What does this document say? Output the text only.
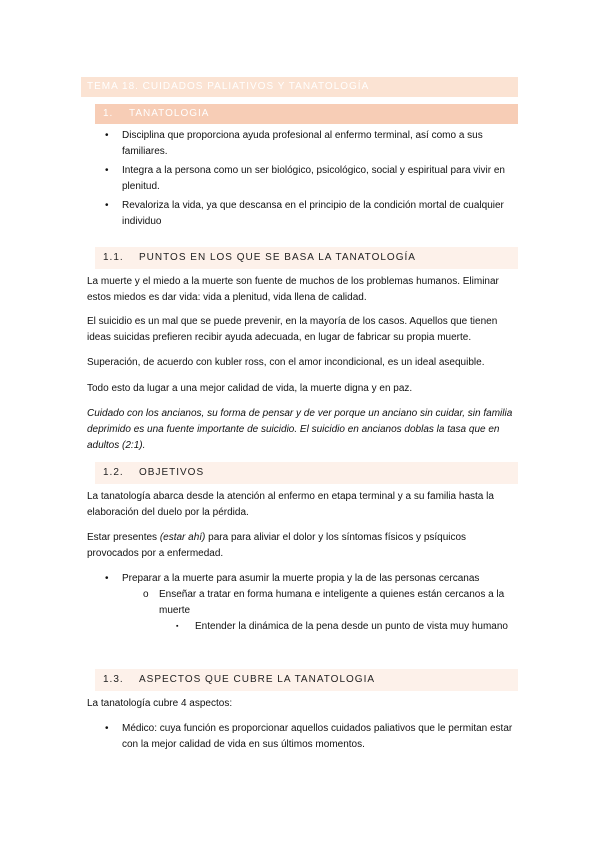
TEMA 18. CUIDADOS PALIATIVOS Y TANATOLOGÍA
1. TANATOLOGIA
• Disciplina que proporciona ayuda profesional al enfermo terminal, así como a sus familiares.
• Integra a la persona como un ser biológico, psicológico, social y espiritual para vivir en plenitud.
• Revaloriza la vida, ya que descansa en el principio de la condición mortal de cualquier individuo
1.1. PUNTOS EN LOS QUE SE BASA LA TANATOLOGÍA

La muerte y el miedo a la muerte son fuente de muchos de los problemas humanos. Eliminar estos miedos es dar vida: vida a plenitud, vida llena de calidad.

El suicidio es un mal que se puede prevenir, en la mayoría de los casos. Aquellos que tienen ideas suicidas prefieren recibir ayuda adecuada, en lugar de fabricar su propia muerte.

Superación, de acuerdo con kubler ross, con el amor incondicional, es un ideal asequible.

Todo esto da lugar a una mejor calidad de vida, la muerte digna y en paz.

Cuidado con los ancianos, su forma de pensar y de ver porque un anciano sin cuidar, sin familia deprimido es una fuente importante de suicidio. El suicidio en ancianos doblas la tasa que en adultos (2:1).

1.2. OBJETIVOS

La tanatología abarca desde la atención al enfermo en etapa terminal y a su familia hasta la elaboración del duelo por la pérdida.

Estar presentes (estar ahí) para para aliviar el dolor y los síntomas físicos y psíquicos provocados por a enfermedad.

• Preparar a la muerte para asumir la muerte propia y la de las personas cercanas
o Enseñar a tratar en forma humana e inteligente a quienes están cercanos a la muerte
▪ Entender la dinámica de la pena desde un punto de vista muy humano
1.3. ASPECTOS QUE CUBRE LA TANATOLOGIA

La tanatología cubre 4 aspectos:

• Médico: cuya función es proporcionar aquellos cuidados paliativos que le permitan estar con la mejor calidad de vida en sus últimos momentos.
